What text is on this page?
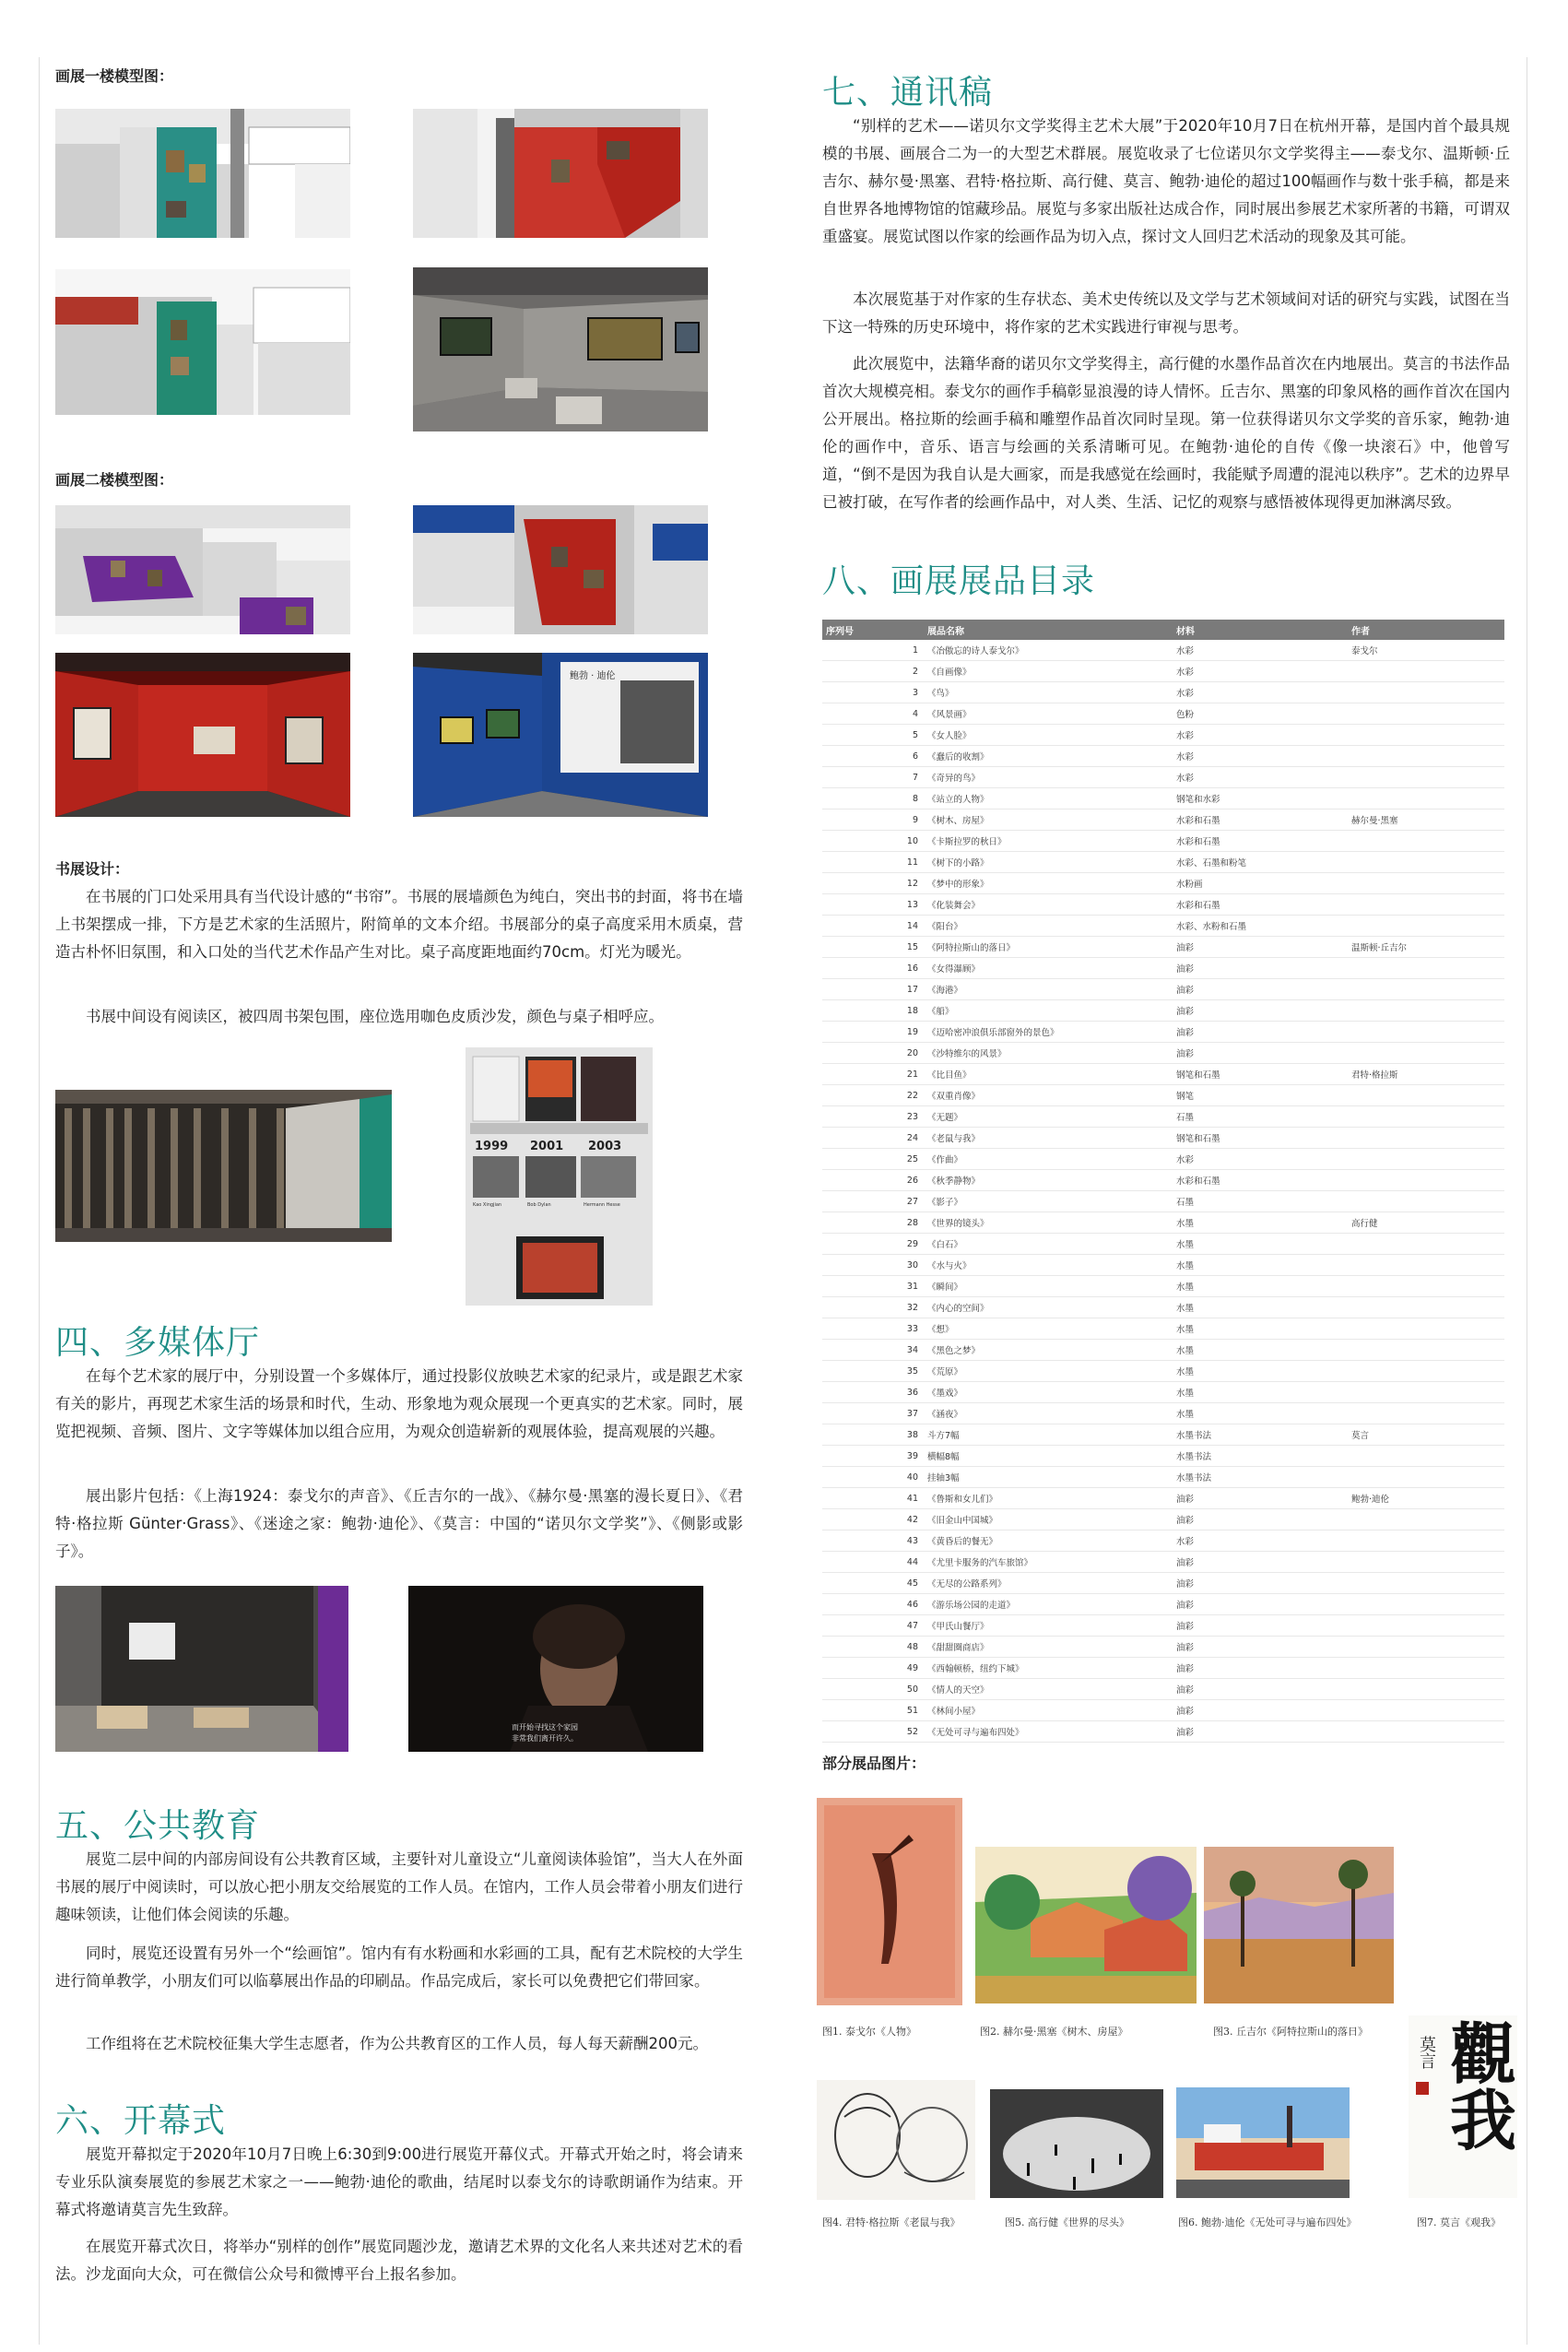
画展一楼模型图：
画展二楼模型图：
鲍勃 · 迪伦
书展设计：

在书展的门口处采用具有当代设计感的“书帘”。书展的展墙颜色为纯白，突出书的封面，将书在墙上书架摆成一排，下方是艺术家的生活照片，附简单的文本介绍。书展部分的桌子高度采用木质桌，营造古朴怀旧氛围，和入口处的当代艺术作品产生对比。桌子高度距地面约70cm。灯光为暖光。

书展中间设有阅读区，被四周书架包围，座位选用咖色皮质沙发，颜色与桌子相呼应。

1999 2001 2003
Kao Xingjian	Bob Dylan	Hermann Hesse
四、多媒体厅

在每个艺术家的展厅中，分别设置一个多媒体厅，通过投影仪放映艺术家的纪录片，或是跟艺术家有关的影片，再现艺术家生活的场景和时代，生动、形象地为观众展现一个更真实的艺术家。同时，展览把视频、音频、图片、文字等媒体加以组合应用，为观众创造崭新的观展体验，提高观展的兴趣。

展出影片包括：《上海1924：泰戈尔的声音》、《丘吉尔的一战》、《赫尔曼·黑塞的漫长夏日》、《君特·格拉斯 Günter·Grass》、《迷途之家：鲍勃·迪伦》、《莫言：中国的“诺贝尔文学奖”》、《侧影或影子》。

而开始寻找这个家园
非常我们离开许久。
五、公共教育

展览二层中间的内部房间设有公共教育区域，主要针对儿童设立“儿童阅读体验馆”，当大人在外面书展的展厅中阅读时，可以放心把小朋友交给展览的工作人员。在馆内，工作人员会带着小朋友们进行趣味领读，让他们体会阅读的乐趣。

同时，展览还设置有另外一个“绘画馆”。馆内有有水粉画和水彩画的工具，配有艺术院校的大学生进行简单教学，小朋友们可以临摹展出作品的印刷品。作品完成后，家长可以免费把它们带回家。

工作组将在艺术院校征集大学生志愿者，作为公共教育区的工作人员，每人每天薪酬200元。

六、开幕式

展览开幕拟定于2020年10月7日晚上6:30到9:00进行展览开幕仪式。开幕式开始之时，将会请来专业乐队演奏展览的参展艺术家之一——鲍勃·迪伦的歌曲，结尾时以泰戈尔的诗歌朗诵作为结束。开幕式将邀请莫言先生致辞。

在展览开幕式次日，将举办“别样的创作”展览同题沙龙，邀请艺术界的文化名人来共述对艺术的看法。沙龙面向大众，可在微信公众号和微博平台上报名参加。

七、通讯稿

“别样的艺术——诺贝尔文学奖得主艺术大展”于2020年10月7日在杭州开幕，是国内首个最具规模的书展、画展合二为一的大型艺术群展。展览收录了七位诺贝尔文学奖得主——泰戈尔、温斯顿·丘吉尔、赫尔曼·黑塞、君特·格拉斯、高行健、莫言、鲍勃·迪伦的超过100幅画作与数十张手稿，都是来自世界各地博物馆的馆藏珍品。展览与多家出版社达成合作，同时展出参展艺术家所著的书籍，可谓双重盛宴。展览试图以作家的绘画作品为切入点，探讨文人回归艺术活动的现象及其可能。

本次展览基于对作家的生存状态、美术史传统以及文学与艺术领域间对话的研究与实践，试图在当下这一特殊的历史环境中，将作家的艺术实践进行审视与思考。

此次展览中，法籍华裔的诺贝尔文学奖得主，高行健的水墨作品首次在内地展出。莫言的书法作品首次大规模亮相。泰戈尔的画作手稿彰显浪漫的诗人情怀。丘吉尔、黑塞的印象风格的画作首次在国内公开展出。格拉斯的绘画手稿和雕塑作品首次同时呈现。第一位获得诺贝尔文学奖的音乐家，鲍勃·迪伦的画作中，音乐、语言与绘画的关系清晰可见。在鲍勃·迪伦的自传《像一块滚石》中，他曾写道，“倒不是因为我自认是大画家，而是我感觉在绘画时，我能赋予周遭的混沌以秩序”。艺术的边界早已被打破，在写作者的绘画作品中，对人类、生活、记忆的观察与感悟被体现得更加淋漓尽致。

八、画展展品目录
序列号	展品名称	材料	作者
1	《冶傲忘的诗人泰戈尔》	水彩	泰戈尔
2	《自画像》	水彩	
3	《鸟》	水彩	
4	《风景画》	色粉	
5	《女人脸》	水彩	
6	《蠢后的收割》	水彩	
7	《奇异的鸟》	水彩	
8	《站立的人物》	钢笔和水彩	
9	《树木、房屋》	水彩和石墨	赫尔曼·黑塞
10	《卡斯拉罗的秋日》	水彩和石墨	
11	《树下的小路》	水彩、石墨和粉笔	
12	《梦中的形象》	水粉画	
13	《化装舞会》	水彩和石墨	
14	《阳台》	水彩、水粉和石墨	
15	《阿特拉斯山的落日》	油彩	温斯顿·丘吉尔
16	《女得瀑顾》	油彩	
17	《海港》	油彩	
18	《船》	油彩	
19	《迈哈密冲浪俱乐部窗外的景色》	油彩	
20	《沙特维尔的风景》	油彩	
21	《比目鱼》	钢笔和石墨	君特·格拉斯
22	《双重肖像》	钢笔	
23	《无题》	石墨	
24	《老鼠与我》	钢笔和石墨	
25	《作曲》	水彩	
26	《秋季静物》	水彩和石墨	
27	《影子》	石墨	
28	《世界的镜头》	水墨	高行健
29	《白石》	水墨	
30	《水与火》	水墨	
31	《瞬间》	水墨	
32	《内心的空间》	水墨	
33	《想》	水墨	
34	《黑色之梦》	水墨	
35	《荒原》	水墨	
36	《墨戏》	水墨	
37	《涵夜》	水墨	
38	斗方7幅	水墨书法	莫言
39	横幅8幅	水墨书法	
40	挂轴3幅	水墨书法	
41	《鲁斯和女儿们》	油彩	鲍勃·迪伦
42	《旧金山中国城》	油彩	
43	《黄昏后的餐无》	水彩	
44	《尤里卡服务的汽车旅馆》	油彩	
45	《无尽的公路系列》	油彩	
46	《游乐场公园的走道》	油彩	
47	《甲氏山餐厅》	油彩	
48	《甜甜圈商店》	油彩	
49	《西翰顿桥，纽约下城》	油彩	
50	《情人的天空》	油彩	
51	《林间小屋》	油彩	
52	《无处可寻与遍布四处》	油彩	
部分展品图片：
图1. 泰戈尔《人物》	图2. 赫尔曼·黑塞《树木、房屋》	图3. 丘吉尔《阿特拉斯山的落日》 觀我
莫言
图4. 君特·格拉斯《老鼠与我》	图5. 高行健《世界的尽头》	图6. 鲍勃·迪伦《无处可寻与遍布四处》	图7. 莫言《观我》
